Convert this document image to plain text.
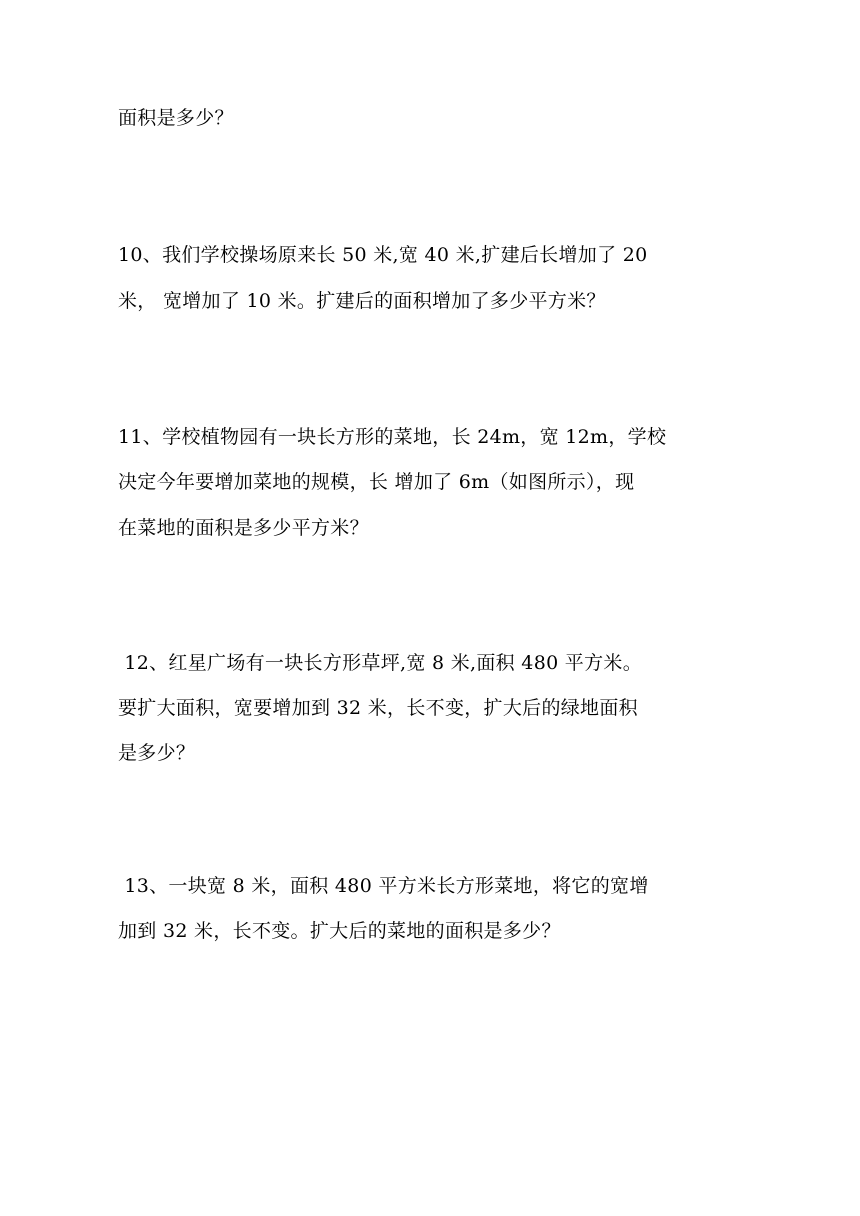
面积是多少？
10、我们学校操场原来长 50 米,宽 40 米,扩建后长增加了 20
米， 宽增加了 10 米。扩建后的面积增加了多少平方米？
11、学校植物园有一块长方形的菜地，长 24m，宽 12m，学校
决定今年要增加菜地的规模，长 增加了 6m（如图所示），现
在菜地的面积是多少平方米？
12、红星广场有一块长方形草坪,宽 8 米,面积 480 平方米。
要扩大面积，宽要增加到 32 米，长不变，扩大后的绿地面积
是多少？
13、一块宽 8 米，面积 480 平方米长方形菜地，将它的宽增
加到 32 米，长不变。扩大后的菜地的面积是多少？
